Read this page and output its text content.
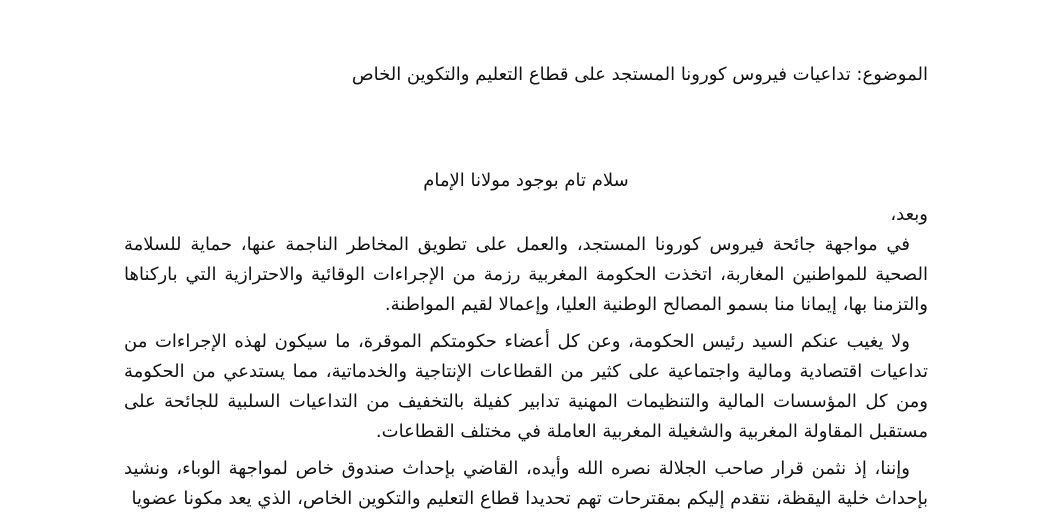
الموضوع: تداعيات فيروس كورونا المستجد على قطاع التعليم والتكوين الخاص
سلام تام بوجود مولانا الإمام

وبعد،

في مواجهة جائحة فيروس كورونا المستجد، والعمل على تطويق المخاطر الناجمة عنها، حماية للسلامة الصحية للمواطنين المغاربة، اتخذت الحكومة المغربية رزمة من الإجراءات الوقائية والاحترازية التي باركناها والتزمنا بها، إيمانا منا بسمو المصالح الوطنية العليا، وإعمالا لقيم المواطنة.

ولا يغيب عنكم السيد رئيس الحكومة، وعن كل أعضاء حكومتكم الموقرة، ما سيكون لهذه الإجراءات من تداعيات اقتصادية ومالية واجتماعية على كثير من القطاعات الإنتاجية والخدماتية، مما يستدعي من الحكومة ومن كل المؤسسات المالية والتنظيمات المهنية تدابير كفيلة بالتخفيف من التداعيات السلبية للجائحة على مستقبل المقاولة المغربية والشغيلة المغربية العاملة في مختلف القطاعات.

وإننا، إذ نثمن قرار صاحب الجلالة نصره الله وأيده، القاضي بإحداث صندوق خاص لمواجهة الوباء، ونشيد بإحداث خلية اليقظة، نتقدم إليكم بمقترحات تهم تحديدا قطاع التعليم والتكوين الخاص، الذي يعد مكونا عضويا
